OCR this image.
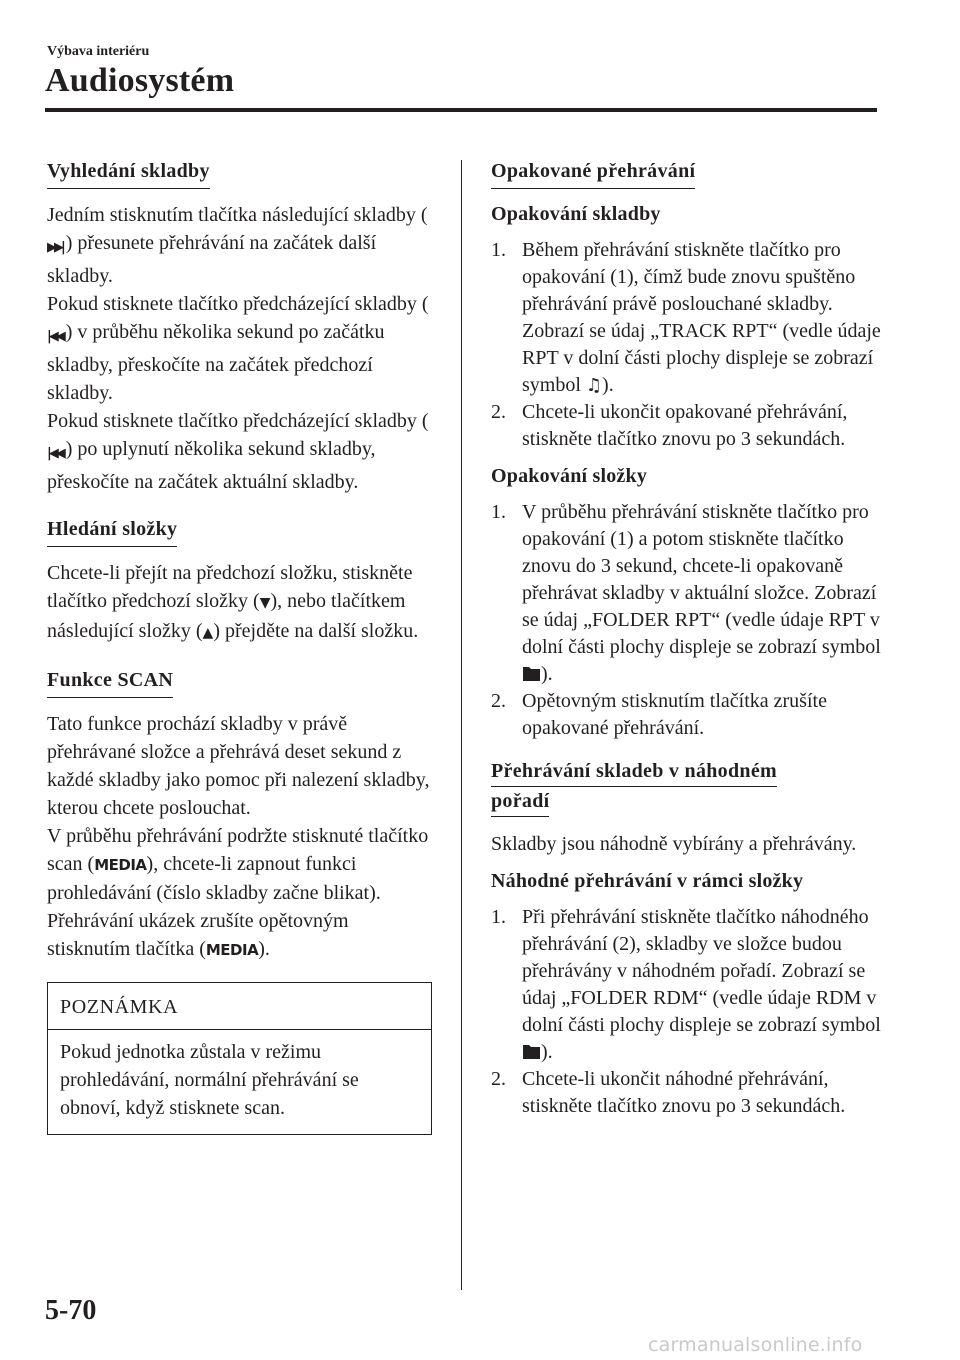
Výbava interiéru
Audiosystém
Vyhledání skladby

Jedním stisknutím tlačítka následující skladby (▶▶| ) přesunete přehrávání na začátek další skladby.

Pokud stisknete tlačítko předcházející skladby (|◀◀ ) v průběhu několika sekund po začátku skladby, přeskočíte na začátek předchozí skladby.

Pokud stisknete tlačítko předcházející skladby (|◀◀ ) po uplynutí několika sekund skladby, přeskočíte na začátek aktuální skladby.

Hledání složky

Chcete-li přejít na předchozí složku, stiskněte tlačítko předchozí složky (▼), nebo tlačítkem následující složky (▲) přejděte na další složku.

Funkce SCAN

Tato funkce prochází skladby v právě přehrávané složce a přehrává deset sekund z každé skladby jako pomoc při nalezení skladby, kterou chcete poslouchat.

V průběhu přehrávání podržte stisknuté tlačítko scan (MEDIA), chcete-li zapnout funkci prohledávání (číslo skladby začne blikat). Přehrávání ukázek zrušíte opětovným stisknutím tlačítka (MEDIA).

POZNÁMKA
Pokud jednotka zůstala v režimu prohledávání, normální přehrávání se obnoví, když stisknete scan.
Opakované přehrávání
Opakování skladby
1. Během přehrávání stiskněte tlačítko pro opakování (1), čímž bude znovu spuštěno přehrávání právě poslouchané skladby. Zobrazí se údaj „TRACK RPT“ (vedle údaje RPT v dolní části plochy displeje se zobrazí symbol ♫).
2. Chcete-li ukončit opakované přehrávání, stiskněte tlačítko znovu po 3 sekundách.
Opakování složky
1. V průběhu přehrávání stiskněte tlačítko pro opakování (1) a potom stiskněte tlačítko znovu do 3 sekund, chcete-li opakovaně přehrávat skladby v aktuální složce. Zobrazí se údaj „FOLDER RPT“ (vedle údaje RPT v dolní části plochy displeje se zobrazí symbol ).
2. Opětovným stisknutím tlačítka zrušíte opakované přehrávání.
Přehrávání skladeb v náhodném
pořadí

Skladby jsou náhodně vybírány a přehrávány.

Náhodné přehrávání v rámci složky
1. Při přehrávání stiskněte tlačítko náhodného přehrávání (2), skladby ve složce budou přehrávány v náhodném pořadí. Zobrazí se údaj „FOLDER RDM“ (vedle údaje RDM v dolní části plochy displeje se zobrazí symbol ).
2. Chcete-li ukončit náhodné přehrávání, stiskněte tlačítko znovu po 3 sekundách.
5-70
carmanualsonline.info
